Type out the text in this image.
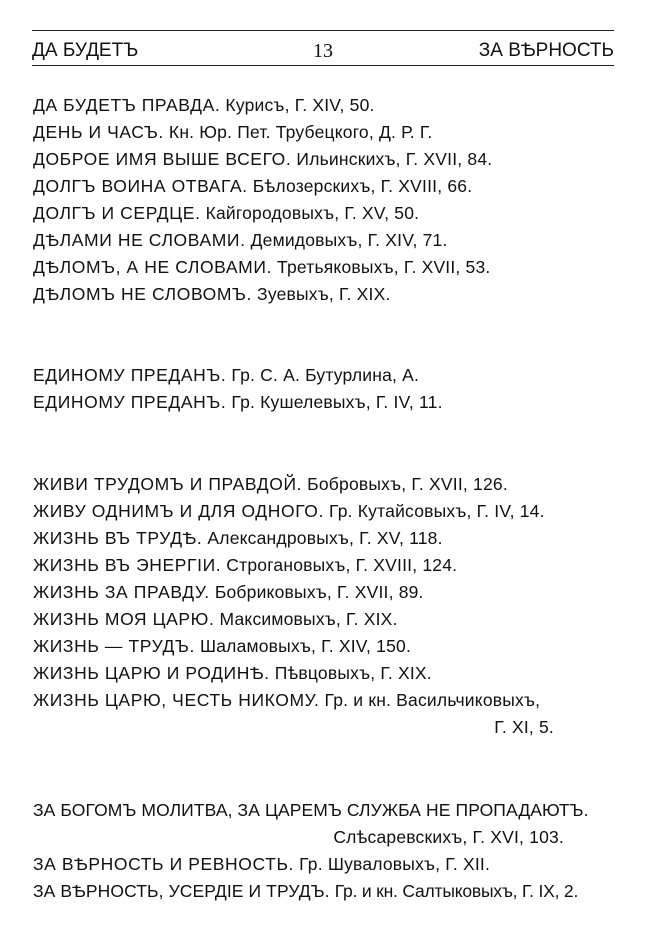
ДА БУДЕТЪ	13	ЗА ВѢРНОСТЬ
ДА БУДЕТЪ ПРАВДА. Курисъ, Г. XIV, 50.
ДЕНЬ И ЧАСЪ. Кн. Юр. Пет. Трубецкого, Д. Р. Г.
ДОБРОЕ ИМЯ ВЫШЕ ВСЕГО. Ильинскихъ, Г. XVII, 84.
ДОЛГЪ ВОИНА ОТВАГА. Бѣлозерскихъ, Г. XVIII, 66.
ДОЛГЪ И СЕРДЦЕ. Кайгородовыхъ, Г. XV, 50.
ДѢЛАМИ НЕ СЛОВАМИ. Демидовыхъ, Г. XIV, 71.
ДѢЛОМЪ, А НЕ СЛОВАМИ. Третьяковыхъ, Г. XVII, 53.
ДѢЛОМЪ НЕ СЛОВОМЪ. Зуевыхъ, Г. XIX.
ЕДИНОМУ ПРЕДАНЪ. Гр. С. А. Бутурлина, А.
ЕДИНОМУ ПРЕДАНЪ. Гр. Кушелевыхъ, Г. IV, 11.
ЖИВИ ТРУДОМЪ И ПРАВДОЙ. Бобровыхъ, Г. XVII, 126.
ЖИВУ ОДНИМЪ И ДЛЯ ОДНОГО. Гр. Кутайсовыхъ, Г. IV, 14.
ЖИЗНЬ ВЪ ТРУДѢ. Александровыхъ, Г. XV, 118.
ЖИЗНЬ ВЪ ЭНЕРГІИ. Строгановыхъ, Г. XVIII, 124.
ЖИЗНЬ ЗА ПРАВДУ. Бобриковыхъ, Г. XVII, 89.
ЖИЗНЬ МОЯ ЦАРЮ. Максимовыхъ, Г. XIX.
ЖИЗНЬ — ТРУДЪ. Шаламовыхъ, Г. XIV, 150.
ЖИЗНЬ ЦАРЮ И РОДИНѢ. Пѣвцовыхъ, Г. XIX.
ЖИЗНЬ ЦАРЮ, ЧЕСТЬ НИКОМУ. Гр. и кн. Васильчиковыхъ,
Г. XI, 5.
ЗА БОГОМЪ МОЛИТВА, ЗА ЦАРЕМЪ СЛУЖБА НЕ ПРОПАДАЮТЪ.
Слѣсаревскихъ, Г. XVI, 103.
ЗА ВѢРНОСТЬ И РЕВНОСТЬ. Гр. Шуваловыхъ, Г. XII.
ЗА ВѢРНОСТЬ, УСЕРДІЕ И ТРУДЪ. Гр. и кн. Салтыковыхъ, Г. IX, 2.
